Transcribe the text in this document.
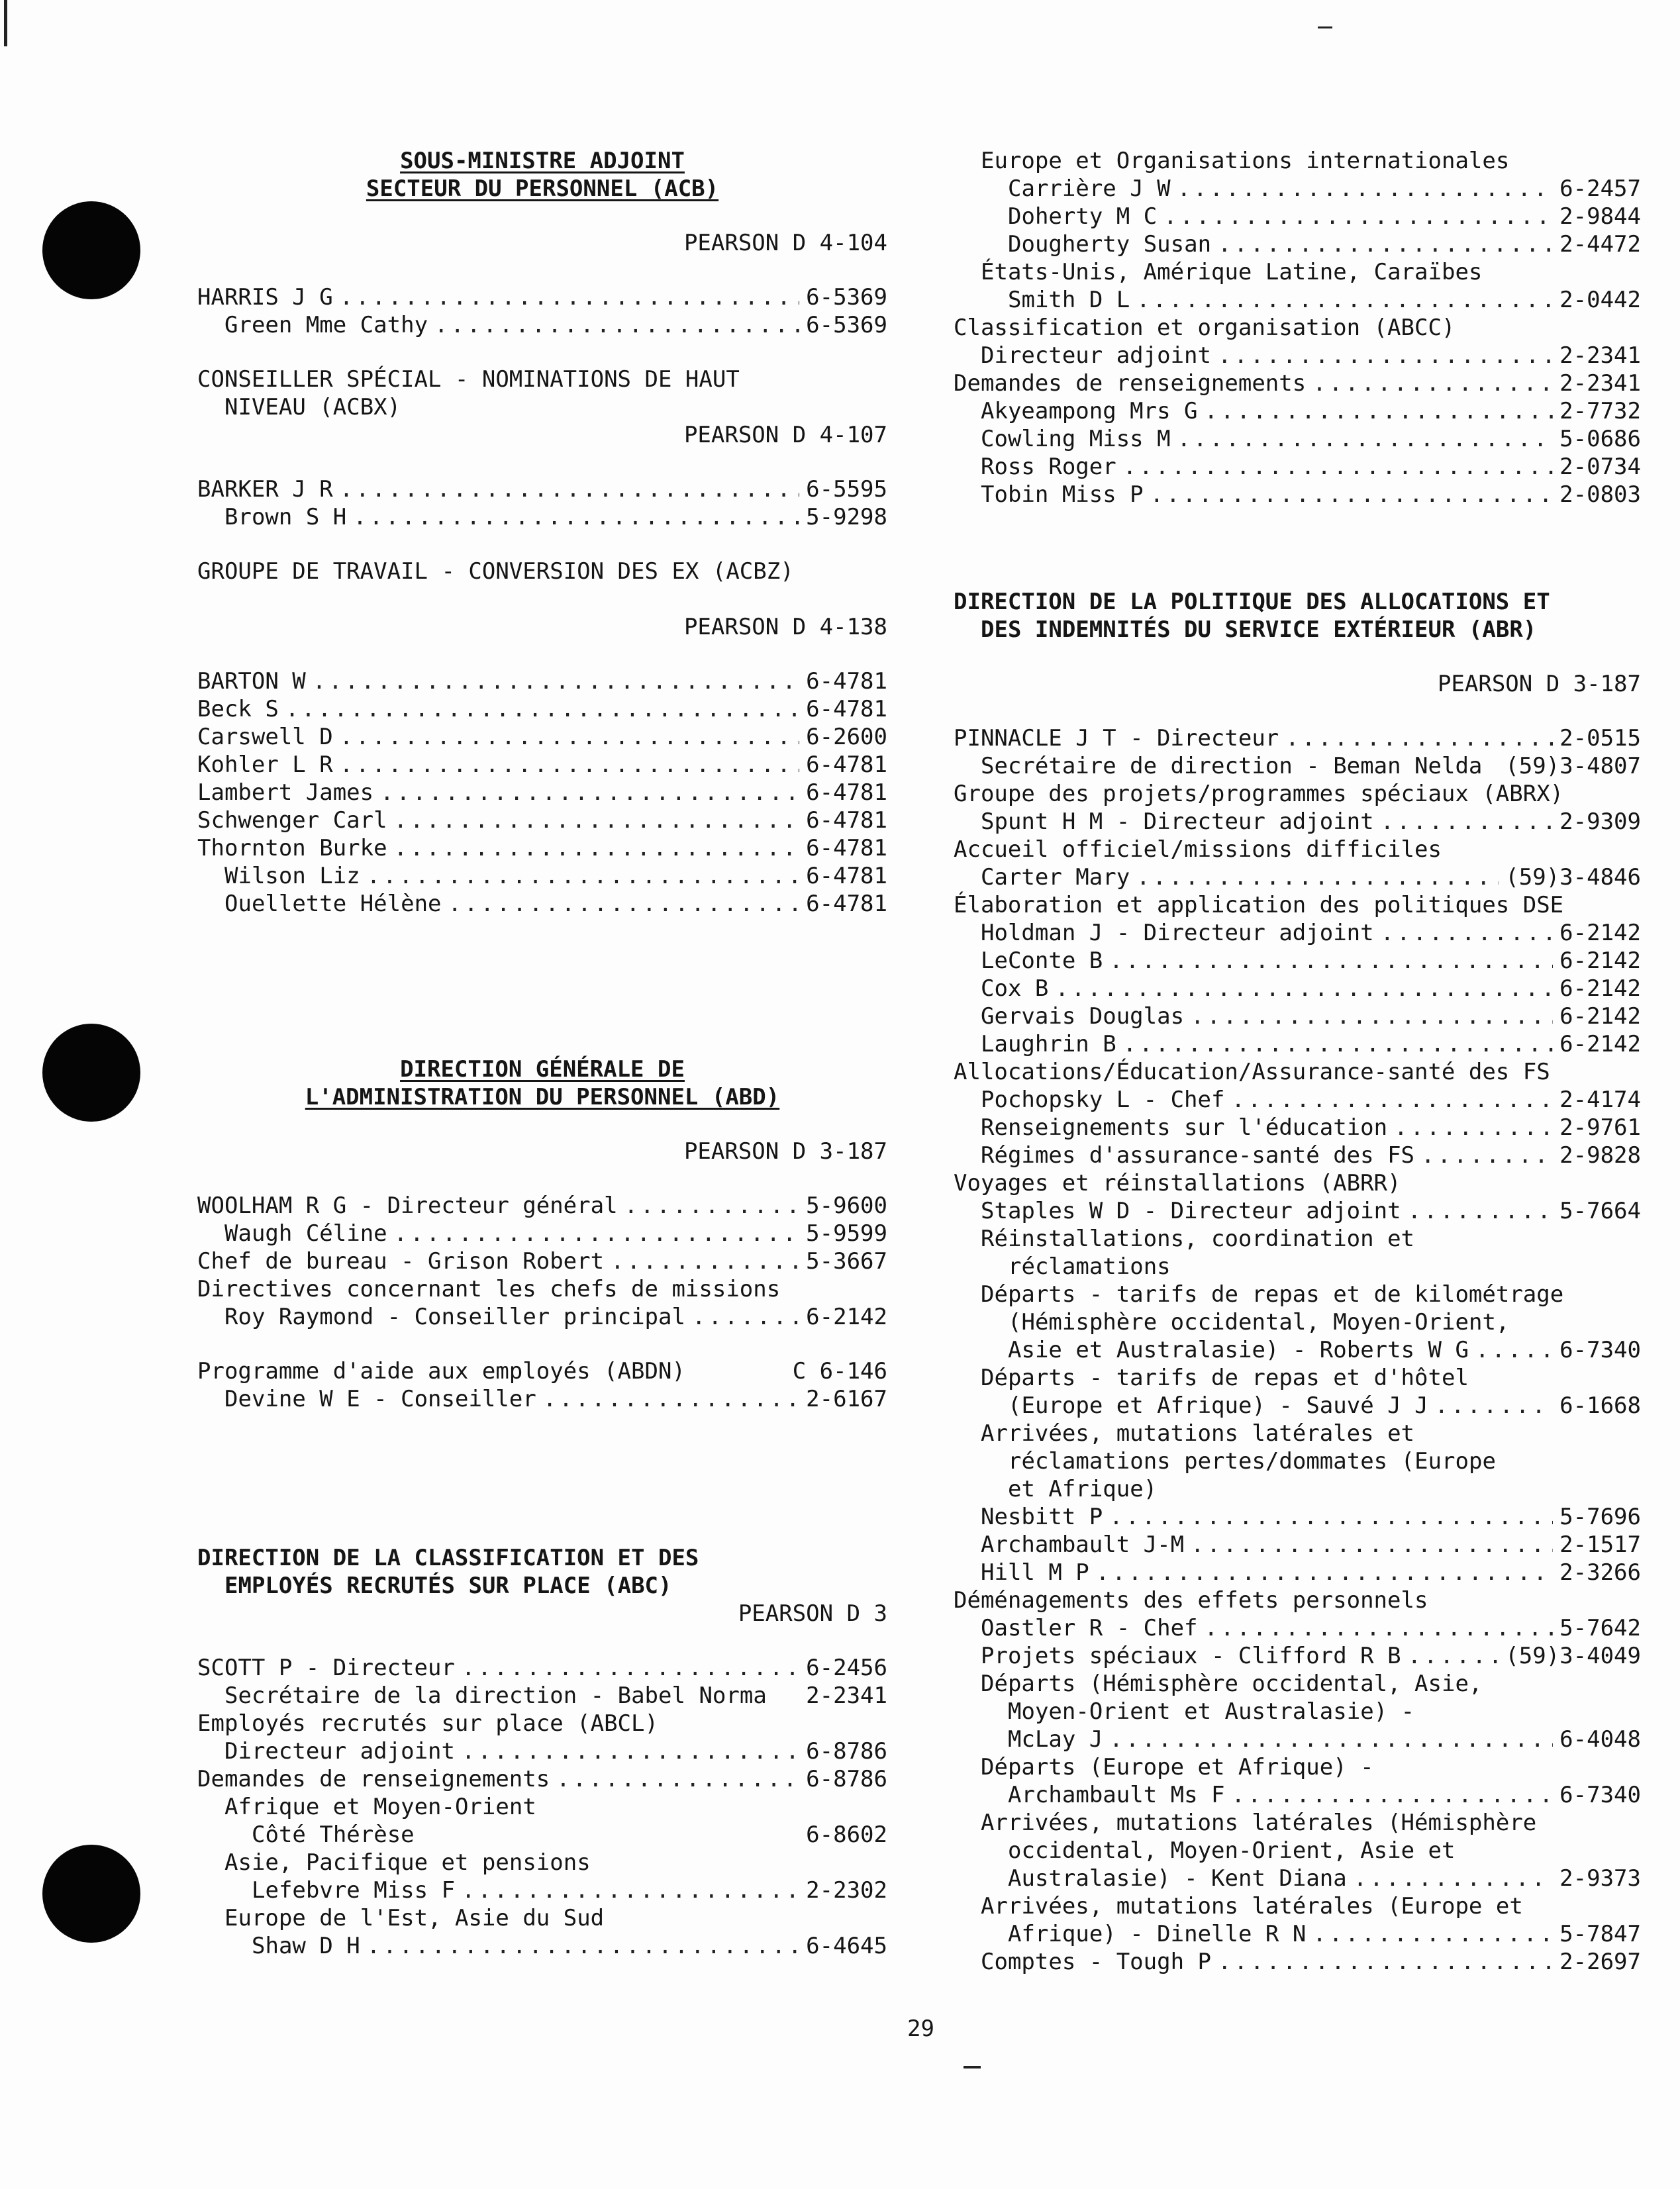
SOUS-MINISTRE ADJOINT
SECTEUR DU PERSONNEL (ACB)
PEARSON D 4-104
HARRIS J G .....	6-5369
Green Mme Cathy .....	6-5369
CONSEILLER SPÉCIAL - NOMINATIONS DE HAUT
NIVEAU (ACBX)
PEARSON D 4-107
BARKER J R .....	6-5595
Brown S H .....	5-9298
GROUPE DE TRAVAIL - CONVERSION DES EX (ACBZ)
PEARSON D 4-138
BARTON W .....	6-4781
Beck S .....	6-4781
Carswell D .....	6-2600
Kohler L R .....	6-4781
Lambert James .....	6-4781
Schwenger Carl .....	6-4781
Thornton Burke .....	6-4781
Wilson Liz .....	6-4781
Ouellette Hélène .....	6-4781
DIRECTION GÉNÉRALE DE
L'ADMINISTRATION DU PERSONNEL (ABD)
PEARSON D 3-187
WOOLHAM R G - Directeur général .....	5-9600
Waugh Céline .....	5-9599
Chef de bureau - Grison Robert .....	5-3667
Directives concernant les chefs de missions
Roy Raymond - Conseiller principal .....	6-2142
Programme d'aide aux employés (ABDN)	C 6-146
Devine W E - Conseiller .....	2-6167
DIRECTION DE LA CLASSIFICATION ET DES
EMPLOYÉS RECRUTÉS SUR PLACE (ABC)
PEARSON D 3
SCOTT P - Directeur .....	6-2456
Secrétaire de la direction - Babel Norma 2-2341
Employés recrutés sur place (ABCL)
Directeur adjoint .....	6-8786
Demandes de renseignements .....	6-8786
Afrique et Moyen-Orient
Côté Thérèse	6-8602
Asie, Pacifique et pensions
Lefebvre Miss F .....	2-2302
Europe de l'Est, Asie du Sud
Shaw D H .....	6-4645
Europe et Organisations internationales
Carrière J W .....	6-2457
Doherty M C .....	2-9844
Dougherty Susan .....	2-4472
États-Unis, Amérique Latine, Caraïbes
Smith D L .....	2-0442
Classification et organisation (ABCC)
Directeur adjoint .....	2-2341
Demandes de renseignements .....	2-2341
Akyeampong Mrs G .....	2-7732
Cowling Miss M .....	5-0686
Ross Roger .....	2-0734
Tobin Miss P .....	2-0803
DIRECTION DE LA POLITIQUE DES ALLOCATIONS ET
DES INDEMNITÉS DU SERVICE EXTÉRIEUR (ABR)
PEARSON D 3-187
PINNACLE J T - Directeur .....	2-0515
Secrétaire de direction - Beman Nelda (59)3-4807
Groupe des projets/programmes spéciaux (ABRX)
Spunt H M - Directeur adjoint .....	2-9309
Accueil officiel/missions difficiles
Carter Mary .....	(59)3-4846
Élaboration et application des politiques DSE
Holdman J - Directeur adjoint .....	6-2142
LeConte B .....	6-2142
Cox B .....	6-2142
Gervais Douglas .....	6-2142
Laughrin B .....	6-2142
Allocations/Éducation/Assurance-santé des FS
Pochopsky L - Chef .....	2-4174
Renseignements sur l'éducation .....	2-9761
Régimes d'assurance-santé des FS .....	2-9828
Voyages et réinstallations (ABRR)
Staples W D - Directeur adjoint .....	5-7664
Réinstallations, coordination et
réclamations
Départs - tarifs de repas et de kilométrage
(Hémisphère occidental, Moyen-Orient,
Asie et Australasie) - Roberts W G .....	6-7340
Départs - tarifs de repas et d'hôtel
(Europe et Afrique) - Sauvé J J .....	6-1668
Arrivées, mutations latérales et
réclamations pertes/dommates (Europe
et Afrique)
Nesbitt P .....	5-7696
Archambault J-M .....	2-1517
Hill M P .....	2-3266
Déménagements des effets personnels
Oastler R - Chef .....	5-7642
Projets spéciaux - Clifford R B .....	(59)3-4049
Départs (Hémisphère occidental, Asie,
Moyen-Orient et Australasie) -
McLay J .....	6-4048
Départs (Europe et Afrique) -
Archambault Ms F .....	6-7340
Arrivées, mutations latérales (Hémisphère
occidental, Moyen-Orient, Asie et
Australasie) - Kent Diana .....	2-9373
Arrivées, mutations latérales (Europe et
Afrique) - Dinelle R N .....	5-7847
Comptes - Tough P .....	2-2697
29
